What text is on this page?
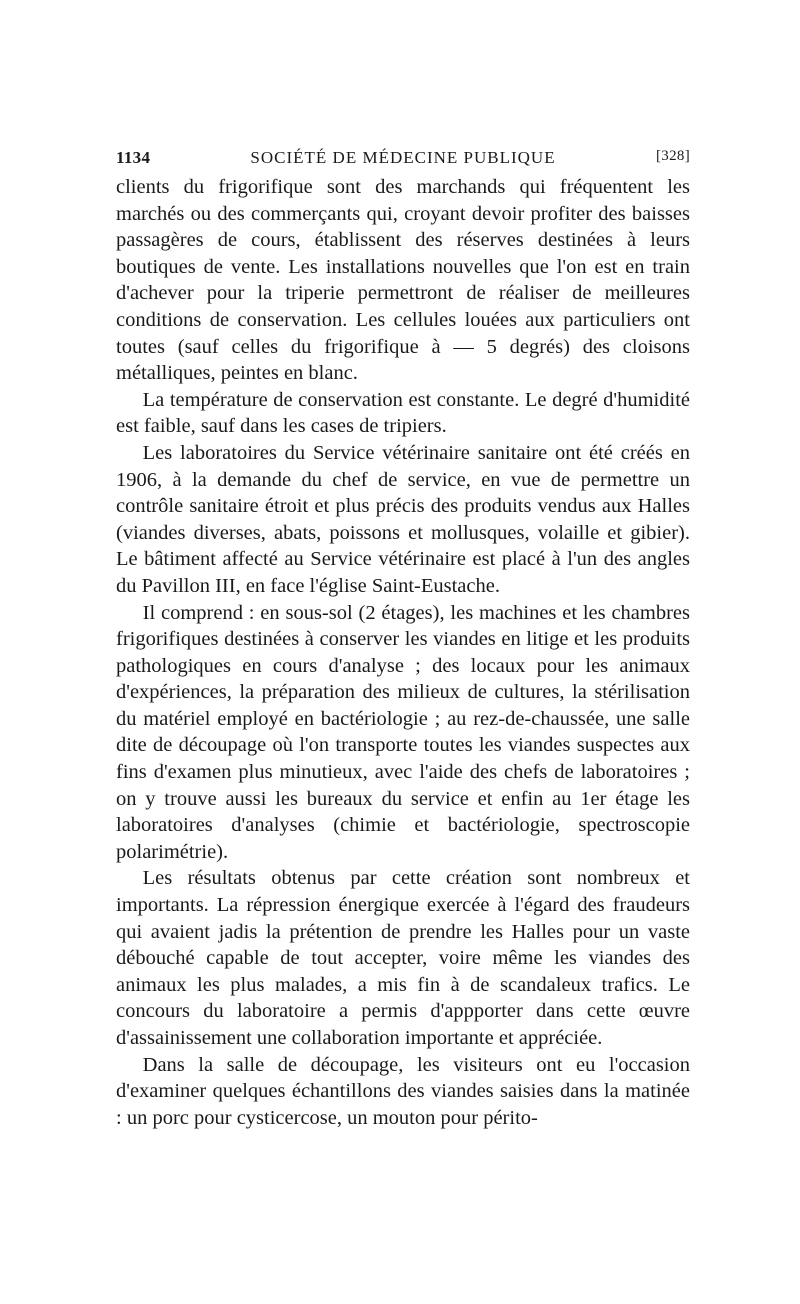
1134	SOCIÉTÉ DE MÉDECINE PUBLIQUE	[328]

clients du frigorifique sont des marchands qui fréquentent les marchés ou des commerçants qui, croyant devoir profiter des baisses passagères de cours, établissent des réserves destinées à leurs boutiques de vente. Les installations nouvelles que l'on est en train d'achever pour la triperie permettront de réaliser de meilleures conditions de conservation. Les cellules louées aux particuliers ont toutes (sauf celles du frigorifique à — 5 degrés) des cloisons métalliques, peintes en blanc.

La température de conservation est constante. Le degré d'humidité est faible, sauf dans les cases de tripiers.

Les laboratoires du Service vétérinaire sanitaire ont été créés en 1906, à la demande du chef de service, en vue de permettre un contrôle sanitaire étroit et plus précis des produits vendus aux Halles (viandes diverses, abats, poissons et mollusques, volaille et gibier). Le bâtiment affecté au Service vétérinaire est placé à l'un des angles du Pavillon III, en face l'église Saint-Eustache.

Il comprend : en sous-sol (2 étages), les machines et les chambres frigorifiques destinées à conserver les viandes en litige et les produits pathologiques en cours d'analyse ; des locaux pour les animaux d'expériences, la préparation des milieux de cultures, la stérilisation du matériel employé en bactériologie ; au rez-de-chaussée, une salle dite de découpage où l'on transporte toutes les viandes suspectes aux fins d'examen plus minutieux, avec l'aide des chefs de laboratoires ; on y trouve aussi les bureaux du service et enfin au 1er étage les laboratoires d'analyses (chimie et bactériologie, spectroscopie polarimétrie).

Les résultats obtenus par cette création sont nombreux et importants. La répression énergique exercée à l'égard des fraudeurs qui avaient jadis la prétention de prendre les Halles pour un vaste débouché capable de tout accepter, voire même les viandes des animaux les plus malades, a mis fin à de scandaleux trafics. Le concours du laboratoire a permis d'appporter dans cette œuvre d'assainissement une collaboration importante et appréciée.

Dans la salle de découpage, les visiteurs ont eu l'occasion d'examiner quelques échantillons des viandes saisies dans la matinée : un porc pour cysticercose, un mouton pour périto-
